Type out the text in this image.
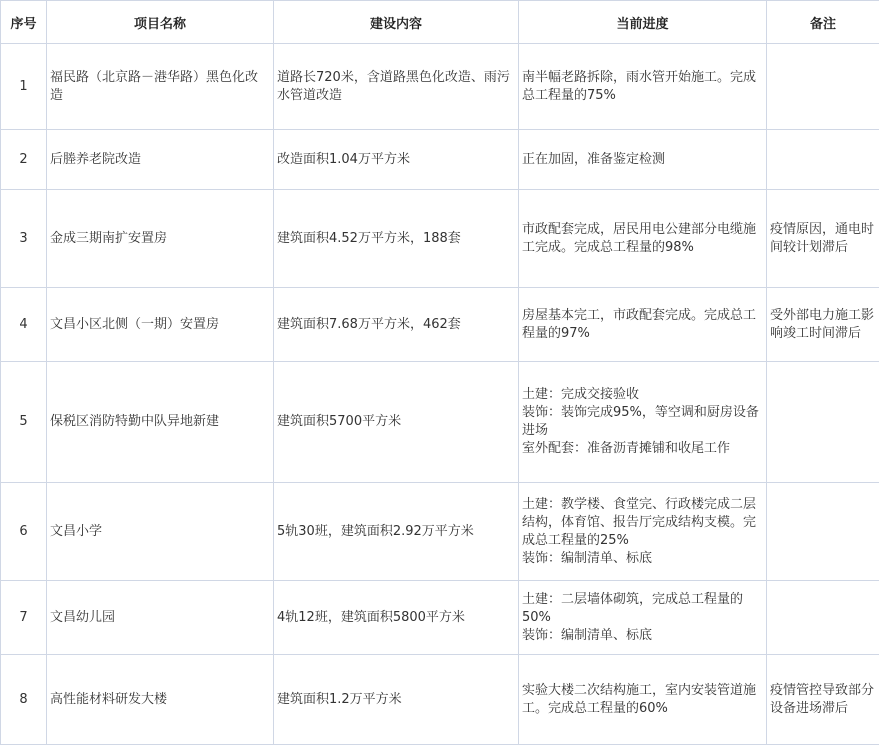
序号	项目名称	建设内容	当前进度	备注
1	福民路（北京路－港华路）黑色化改造	道路长720米，含道路黑色化改造、雨污水管道改造	南半幅老路拆除，雨水管开始施工。完成总工程量的75%	
2	后塍养老院改造	改造面积1.04万平方米	正在加固，准备鉴定检测	
3	金成三期南扩安置房	建筑面积4.52万平方米，188套	市政配套完成，居民用电公建部分电缆施工完成。完成总工程量的98%	疫情原因，通电时间较计划滞后
4	文昌小区北侧（一期）安置房	建筑面积7.68万平方米，462套	房屋基本完工，市政配套完成。完成总工程量的97%	受外部电力施工影响竣工时间滞后
5	保税区消防特勤中队异地新建	建筑面积5700平方米	土建：完成交接验收
装饰：装饰完成95%，等空调和厨房设备进场
室外配套：准备沥青摊铺和收尾工作	
6	文昌小学	5轨30班，建筑面积2.92万平方米	土建：教学楼、食堂完、行政楼完成二层结构，体育馆、报告厅完成结构支模。完成总工程量的25%
装饰：编制清单、标底	
7	文昌幼儿园	4轨12班，建筑面积5800平方米	土建：二层墙体砌筑，完成总工程量的50%
装饰：编制清单、标底	
8	高性能材料研发大楼	建筑面积1.2万平方米	实验大楼二次结构施工，室内安装管道施工。完成总工程量的60%	疫情管控导致部分设备进场滞后
